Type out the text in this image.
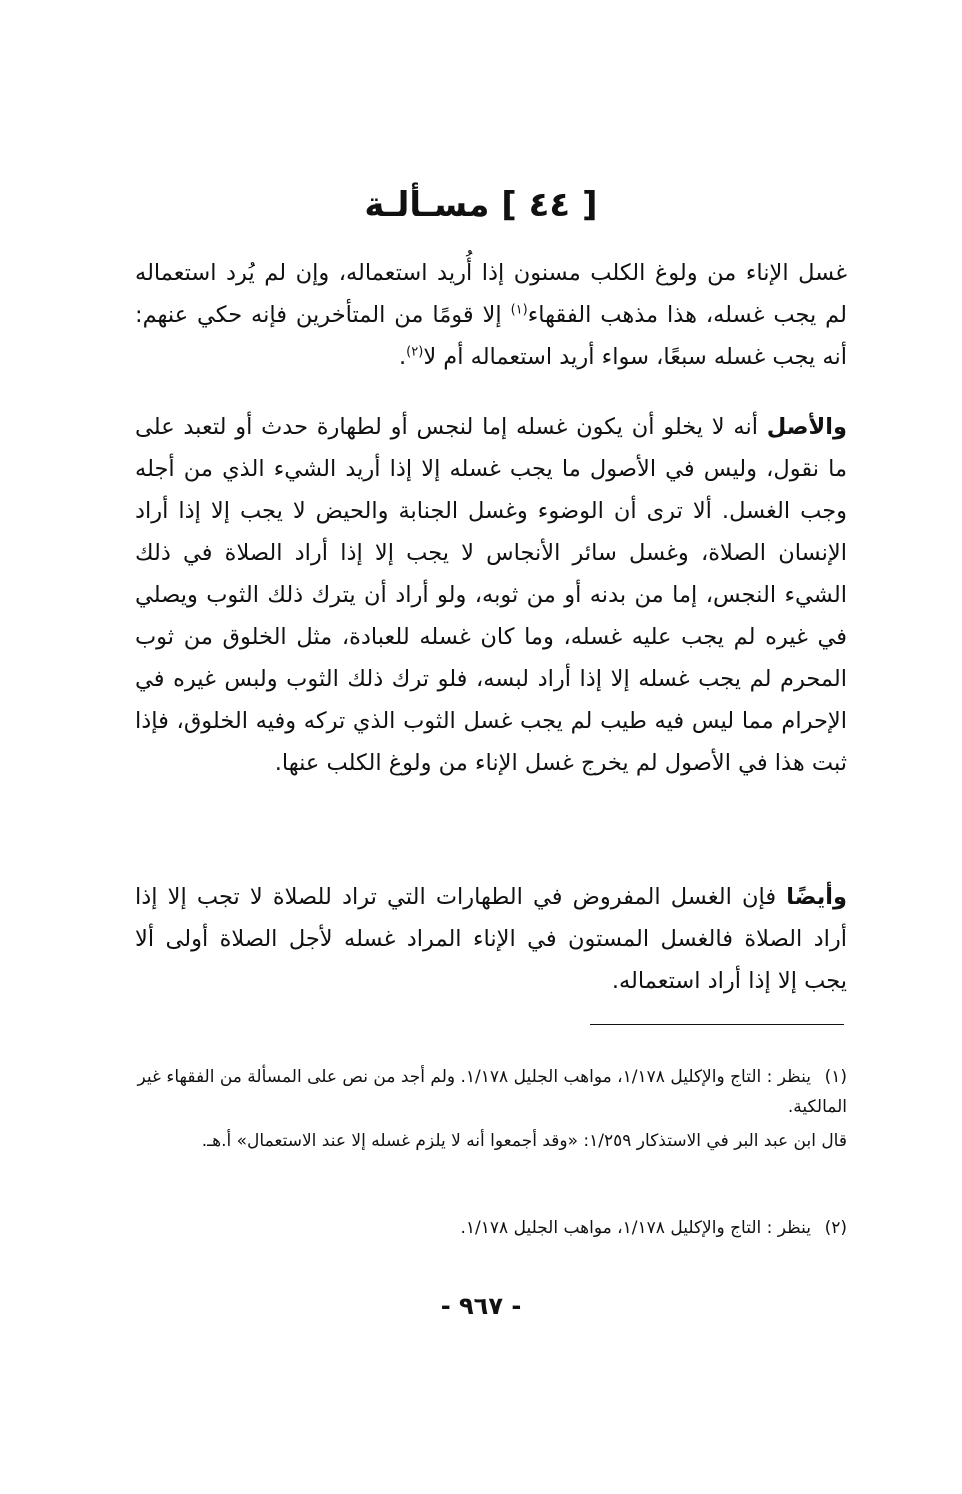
[ ٤٤ ] مسـألـة

غسل الإناء من ولوغ الكلب مسنون إذا أُريد استعماله، وإن لم يُرد استعماله لم يجب غسله، هذا مذهب الفقهاء$^{(١)}$ إلا قومًا من المتأخرين فإنه حكي عنهم: أنه يجب غسله سبعًا، سواء أريد استعماله أم لا$^{(٢)}$.

والأصل أنه لا يخلو أن يكون غسله إما لنجس أو لطهارة حدث أو لتعبد على ما نقول، وليس في الأصول ما يجب غسله إلا إذا أريد الشيء الذي من أجله وجب الغسل. ألا ترى أن الوضوء وغسل الجنابة والحيض لا يجب إلا إذا أراد الإنسان الصلاة، وغسل سائر الأنجاس لا يجب إلا إذا أراد الصلاة في ذلك الشيء النجس، إما من بدنه أو من ثوبه، ولو أراد أن يترك ذلك الثوب ويصلي في غيره لم يجب عليه غسله، وما كان غسله للعبادة، مثل الخلوق من ثوب المحرم لم يجب غسله إلا إذا أراد لبسه، فلو ترك ذلك الثوب ولبس غيره في الإحرام مما ليس فيه طيب لم يجب غسل الثوب الذي تركه وفيه الخلوق، فإذا ثبت هذا في الأصول لم يخرج غسل الإناء من ولوغ الكلب عنها.

وأيضًا فإن الغسل المفروض في الطهارات التي تراد للصلاة لا تجب إلا إذا أراد الصلاة فالغسل المستون في الإناء المراد غسله لأجل الصلاة أولى ألا يجب إلا إذا أراد استعماله.

(١)ينظر : التاج والإكليل ١/١٧٨، مواهب الجليل ١/١٧٨. ولم أجد من نص على المسألة من الفقهاء غير المالكية.
قال ابن عبد البر في الاستذكار ١/٢٥٩: «وقد أجمعوا أنه لا يلزم غسله إلا عند الاستعمال» أ.هـ.
(٢)ينظر : التاج والإكليل ١/١٧٨، مواهب الجليل ١/١٧٨.
- ٩٦٧ -
